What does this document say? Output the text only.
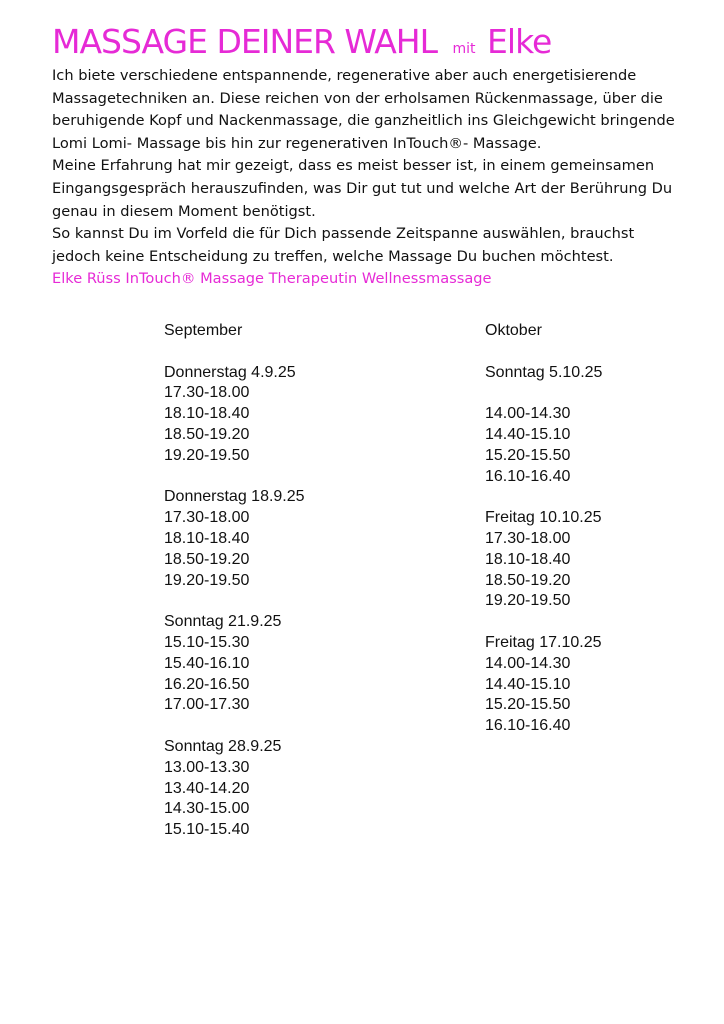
MASSAGE DEINER WAHL mit Elke
Ich biete verschiedene entspannende, regenerative aber auch energetisierende
Massagetechniken an. Diese reichen von der erholsamen Rückenmassage, über die
beruhigende Kopf und Nackenmassage, die ganzheitlich ins Gleichgewicht bringende
Lomi Lomi- Massage bis hin zur regenerativen InTouch®- Massage.
Meine Erfahrung hat mir gezeigt, dass es meist besser ist, in einem gemeinsamen
Eingangsgespräch herauszufinden, was Dir gut tut und welche Art der Berührung Du
genau in diesem Moment benötigst.
So kannst Du im Vorfeld die für Dich passende Zeitspanne auswählen, brauchst
jedoch keine Entscheidung zu treffen, welche Massage Du buchen möchtest.
Elke Rüss InTouch® Massage Therapeutin Wellnessmassage
September
Donnerstag 4.9.25
17.30-18.00
18.10-18.40
18.50-19.20
19.20-19.50
Donnerstag 18.9.25
17.30-18.00
18.10-18.40
18.50-19.20
19.20-19.50
Sonntag 21.9.25
15.10-15.30
15.40-16.10
16.20-16.50
17.00-17.30
Sonntag 28.9.25
13.00-13.30
13.40-14.20
14.30-15.00
15.10-15.40
Oktober
Sonntag 5.10.25
14.00-14.30
14.40-15.10
15.20-15.50
16.10-16.40
Freitag 10.10.25
17.30-18.00
18.10-18.40
18.50-19.20
19.20-19.50
Freitag 17.10.25
14.00-14.30
14.40-15.10
15.20-15.50
16.10-16.40
